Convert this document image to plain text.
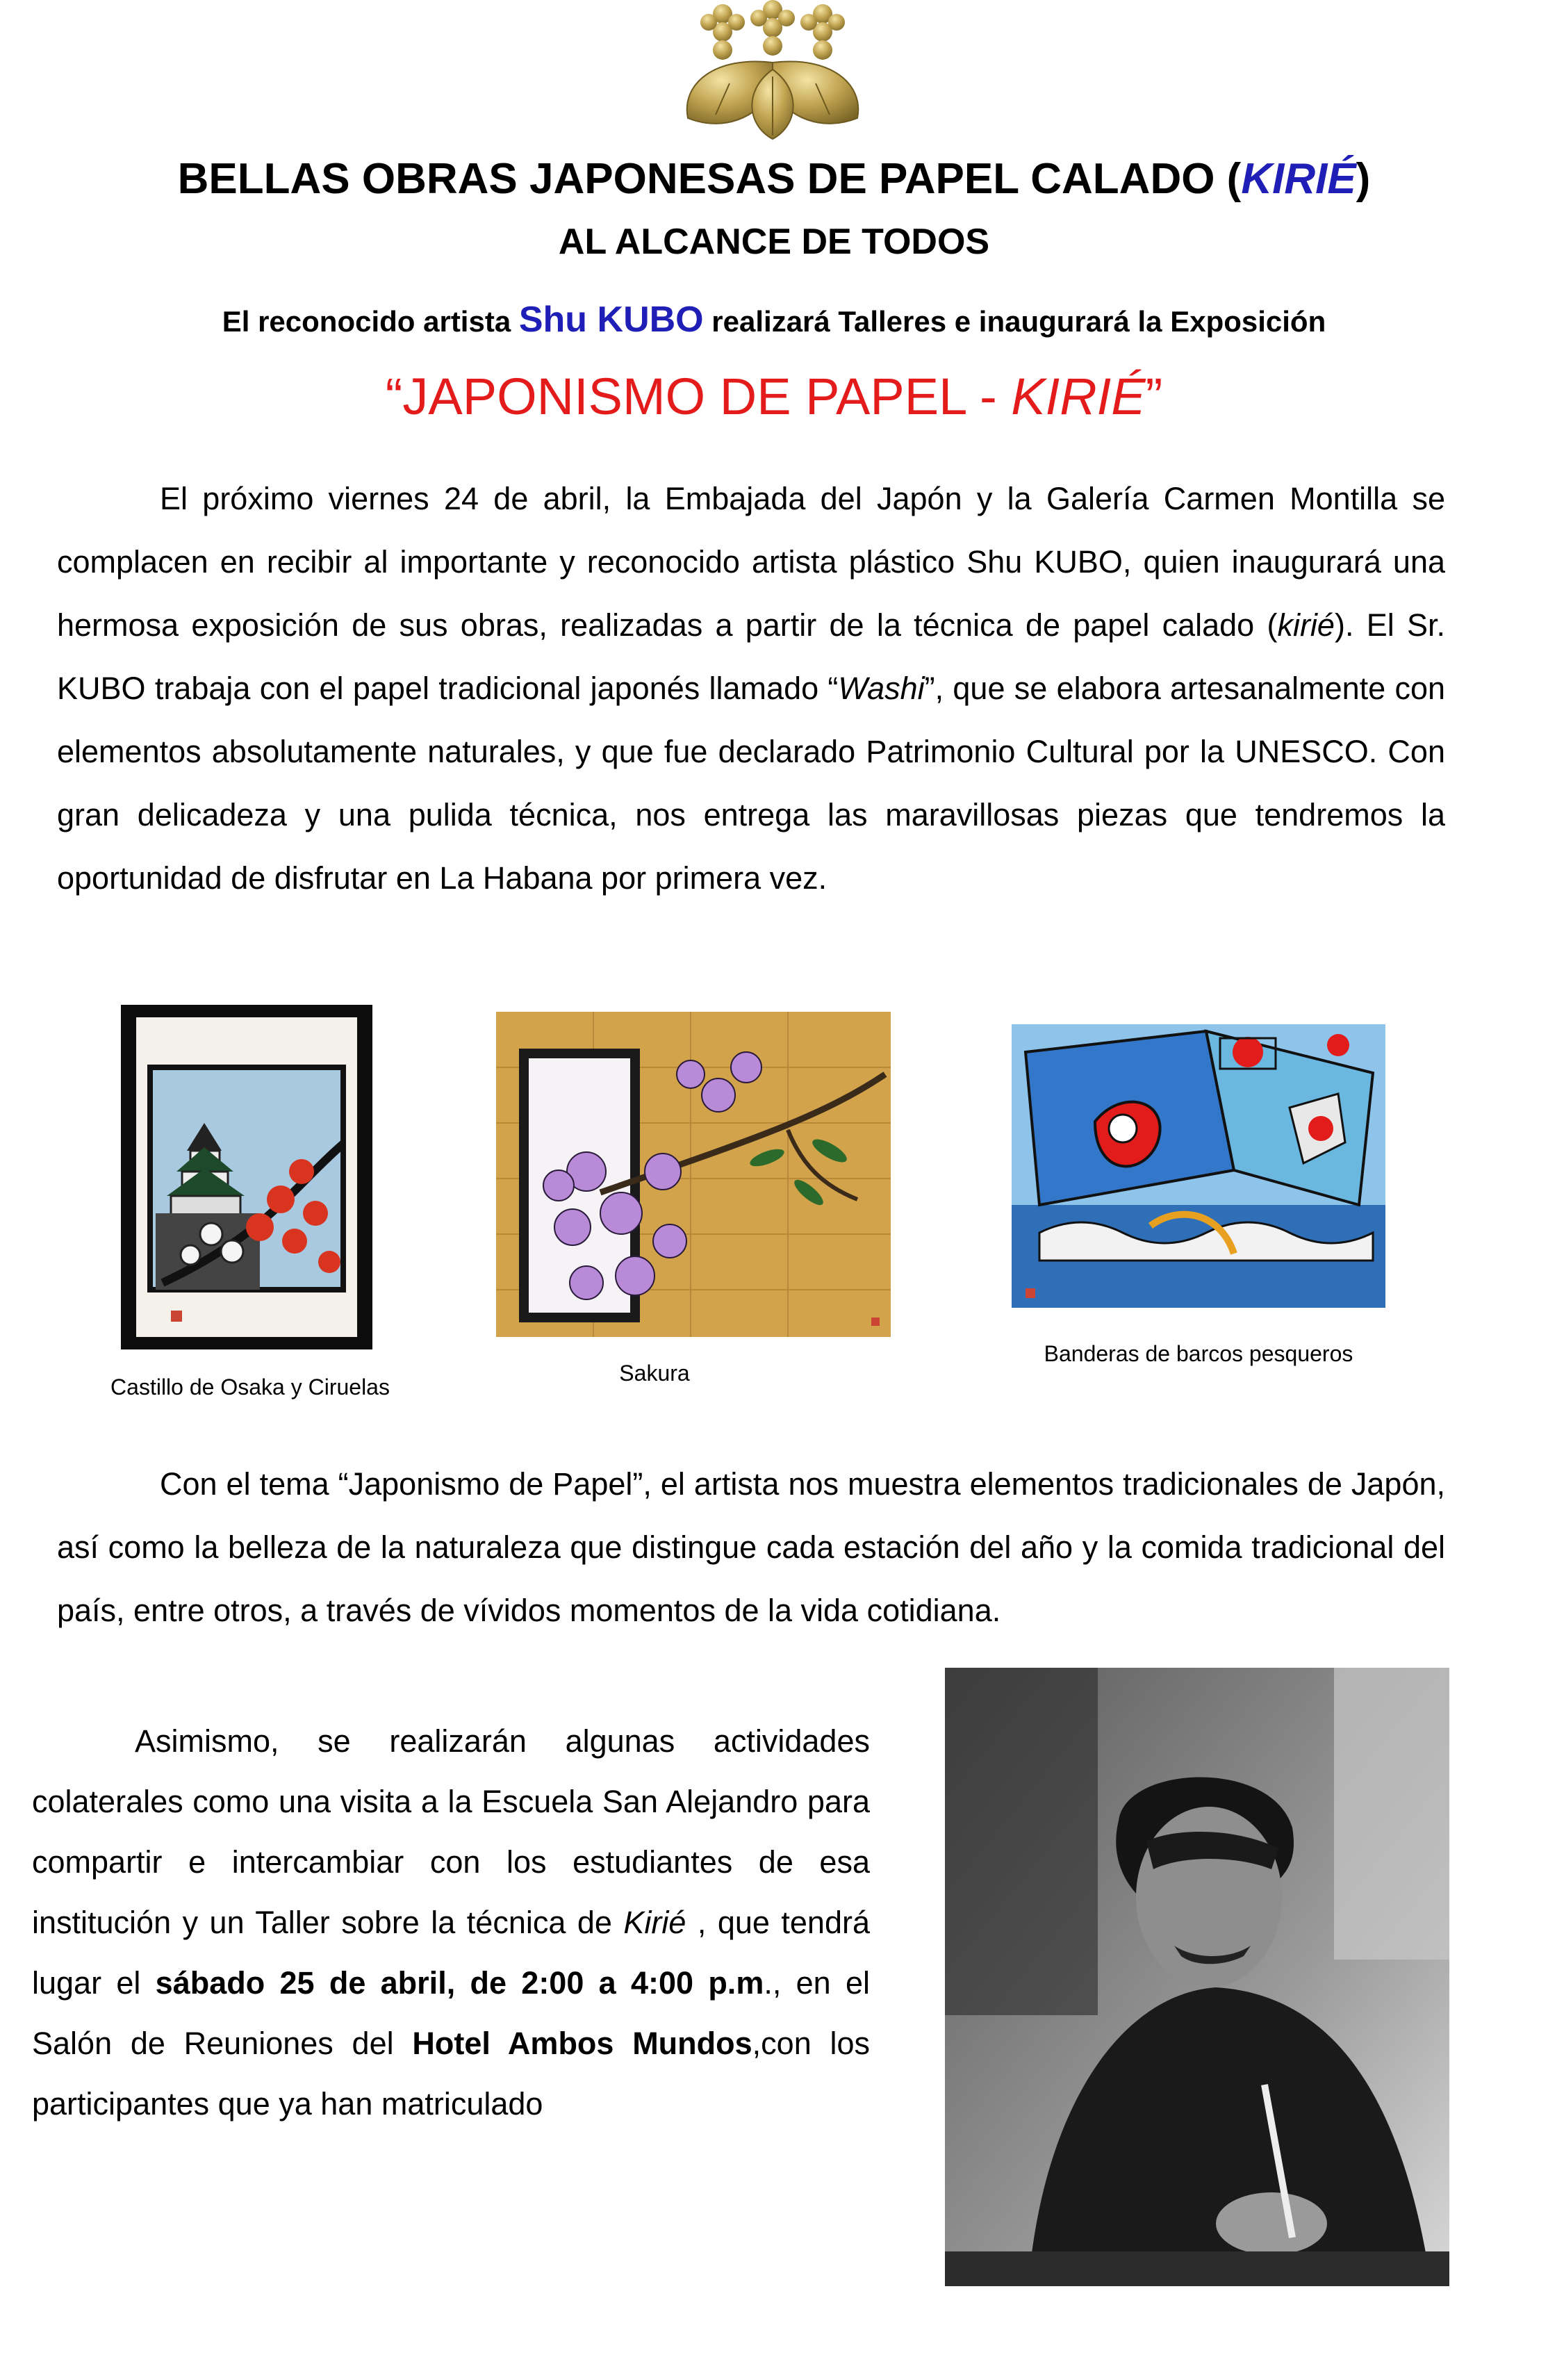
BELLAS OBRAS JAPONESAS DE PAPEL CALADO (KIRIÉ)
AL ALCANCE DE TODOS
El reconocido artista Shu KUBO realizará Talleres e inaugurará la Exposición
“JAPONISMO DE PAPEL - KIRIÉ”
El próximo viernes 24 de abril, la Embajada del Japón y la Galería Carmen Montilla se complacen en recibir al importante y reconocido artista plástico Shu KUBO, quien inaugurará una hermosa exposición de sus obras, realizadas a partir de la técnica de papel calado (kirié). El Sr. KUBO trabaja con el papel tradicional japonés llamado “Washi”, que se elabora artesanalmente con elementos absolutamente naturales, y que fue declarado Patrimonio Cultural por la UNESCO. Con gran delicadeza y una pulida técnica, nos entrega las maravillosas piezas que tendremos la oportunidad de disfrutar en La Habana por primera vez.
Castillo de Osaka y Ciruelas
Sakura
Banderas de barcos pesqueros
Con el tema “Japonismo de Papel”, el artista nos muestra elementos tradicionales de Japón, así como la belleza de la naturaleza que distingue cada estación del año y la comida tradicional del país, entre otros, a través de vívidos momentos de la vida cotidiana.
Asimismo, se realizarán algunas actividades colaterales como una visita a la Escuela San Alejandro para compartir e intercambiar con los estudiantes de esa institución y un Taller sobre la técnica de Kirié , que tendrá lugar el sábado 25 de abril, de 2:00 a 4:00 p.m., en el Salón de Reuniones del Hotel Ambos Mundos,con los participantes que ya han matriculado
